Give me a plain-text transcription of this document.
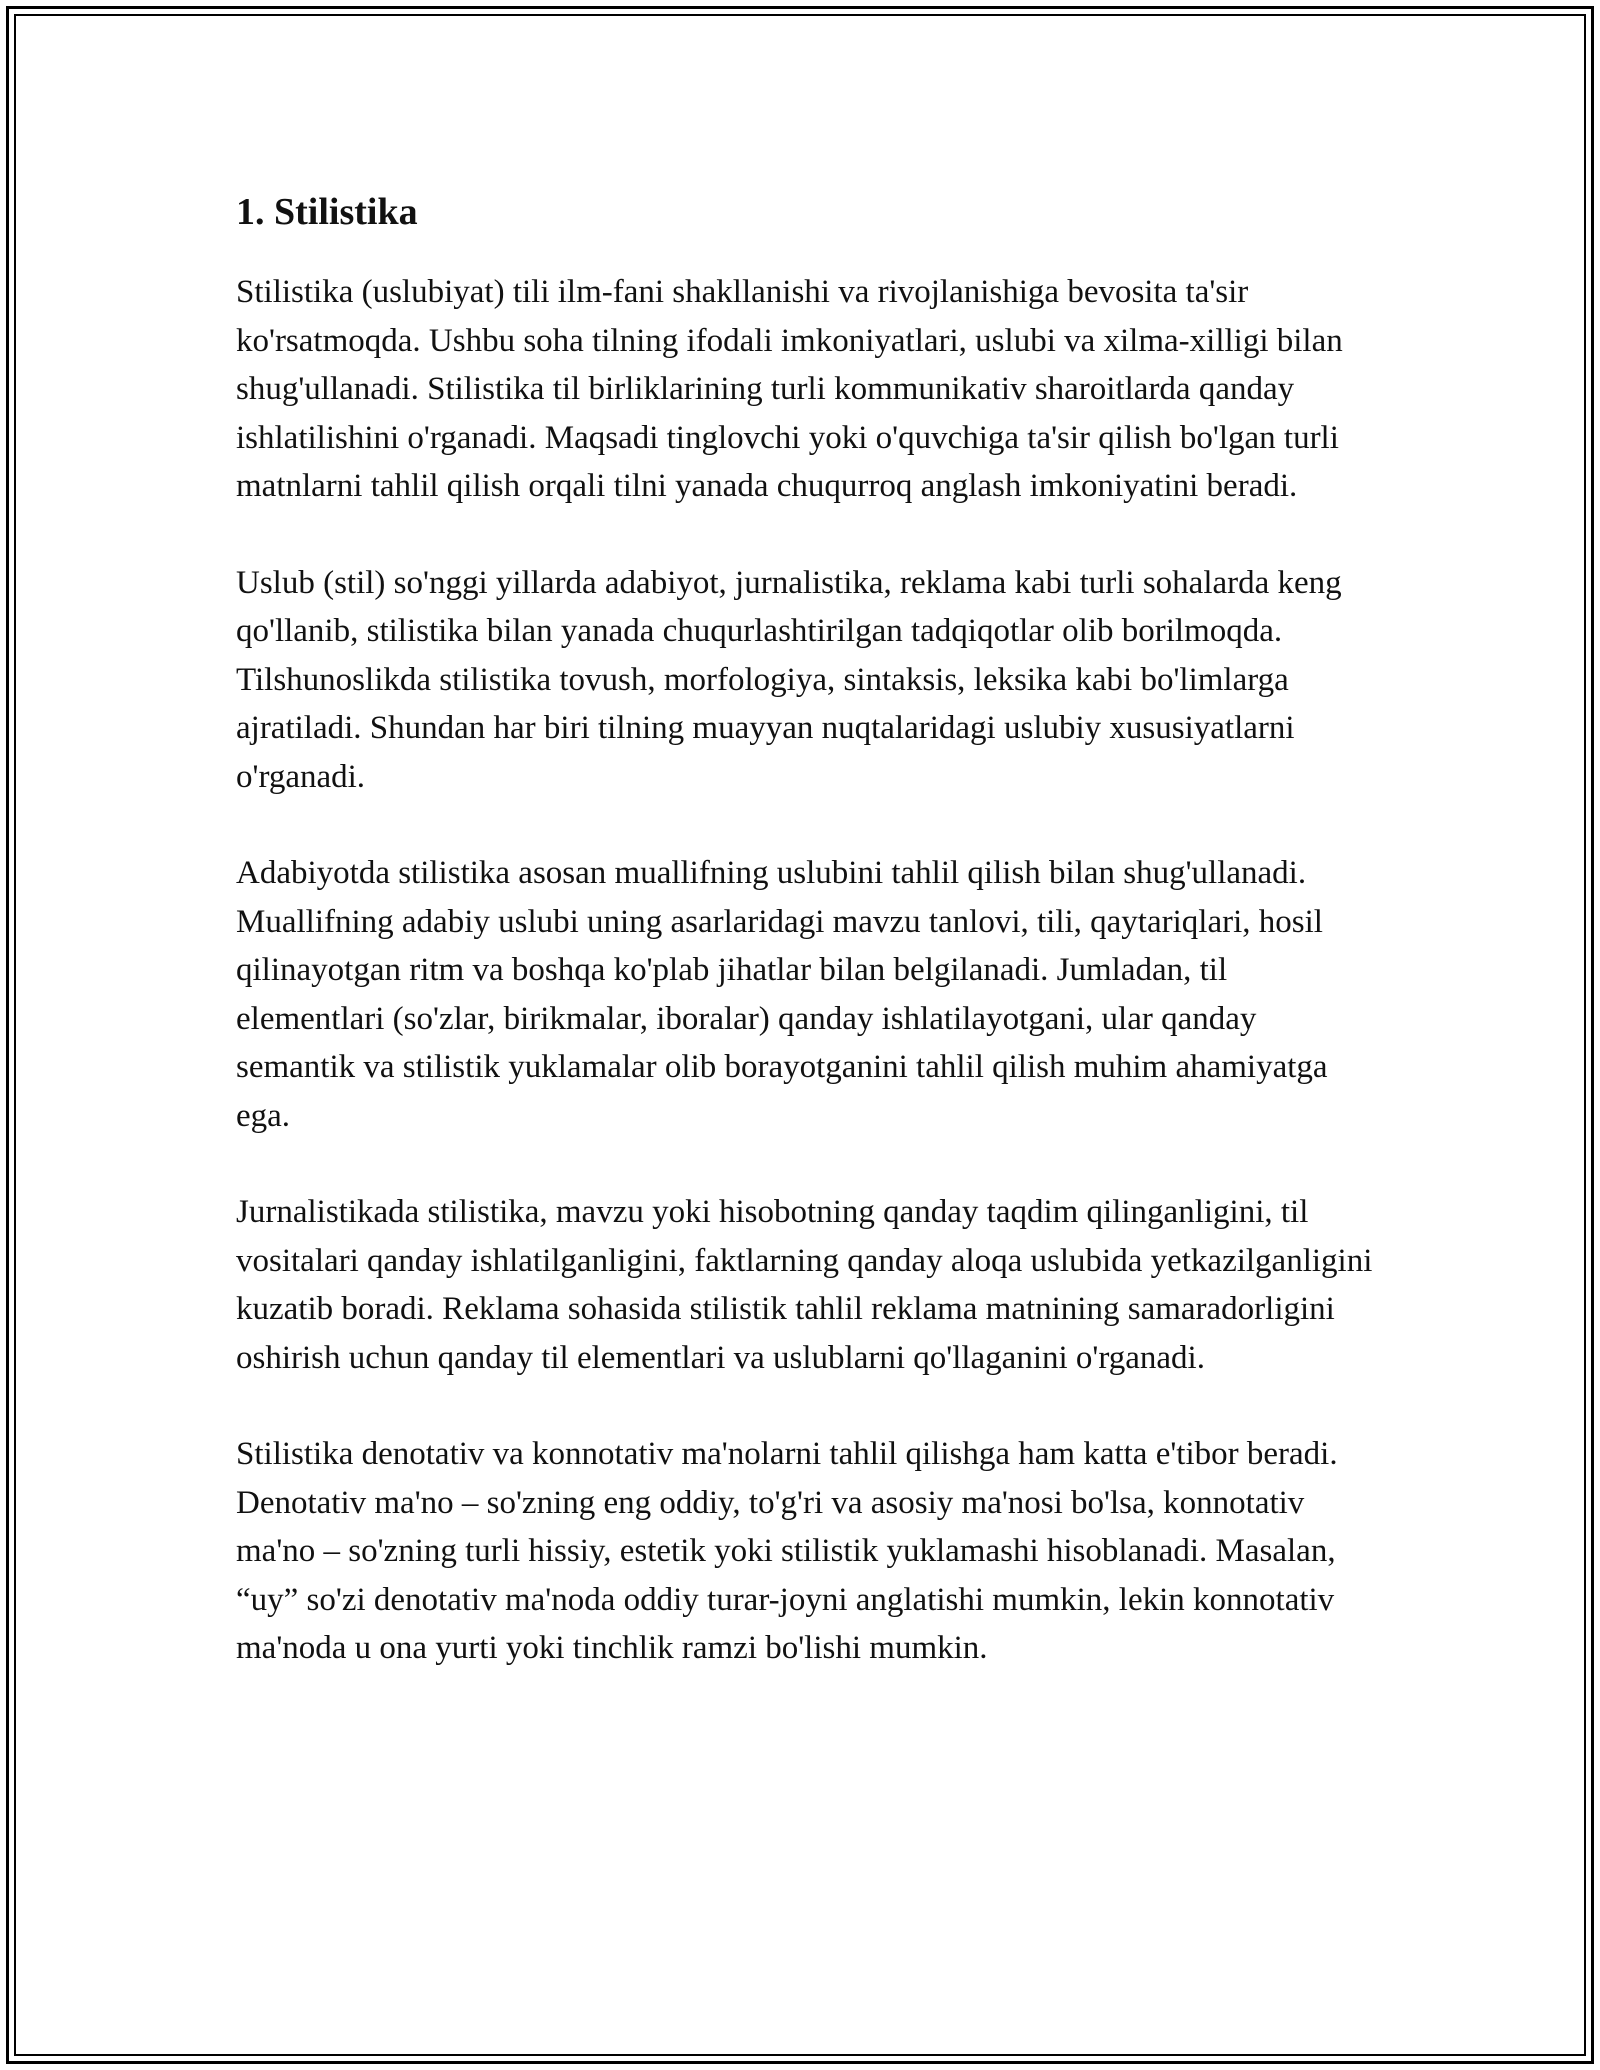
1. Stilistika

Stilistika (uslubiyat) tili ilm-fani shakllanishi va rivojlanishiga bevosita ta'sir ko'rsatmoqda. Ushbu soha tilning ifodali imkoniyatlari, uslubi va xilma-xilligi bilan shug'ullanadi. Stilistika til birliklarining turli kommunikativ sharoitlarda qanday ishlatilishini o'rganadi. Maqsadi tinglovchi yoki o'quvchiga ta'sir qilish bo'lgan turli matnlarni tahlil qilish orqali tilni yanada chuqurroq anglash imkoniyatini beradi.

Uslub (stil) so'nggi yillarda adabiyot, jurnalistika, reklama kabi turli sohalarda keng qo'llanib, stilistika bilan yanada chuqurlashtirilgan tadqiqotlar olib borilmoqda. Tilshunoslikda stilistika tovush, morfologiya, sintaksis, leksika kabi bo'limlarga ajratiladi. Shundan har biri tilning muayyan nuqtalaridagi uslubiy xususiyatlarni o'rganadi.

Adabiyotda stilistika asosan muallifning uslubini tahlil qilish bilan shug'ullanadi. Muallifning adabiy uslubi uning asarlaridagi mavzu tanlovi, tili, qaytariqlari, hosil qilinayotgan ritm va boshqa ko'plab jihatlar bilan belgilanadi. Jumladan, til elementlari (so'zlar, birikmalar, iboralar) qanday ishlatilayotgani, ular qanday semantik va stilistik yuklamalar olib borayotganini tahlil qilish muhim ahamiyatga ega.

Jurnalistikada stilistika, mavzu yoki hisobotning qanday taqdim qilinganligini, til vositalari qanday ishlatilganligini, faktlarning qanday aloqa uslubida yetkazilganligini kuzatib boradi. Reklama sohasida stilistik tahlil reklama matnining samaradorligini oshirish uchun qanday til elementlari va uslublarni qo'llaganini o'rganadi.

Stilistika denotativ va konnotativ ma'nolarni tahlil qilishga ham katta e'tibor beradi. Denotativ ma'no – so'zning eng oddiy, to'g'ri va asosiy ma'nosi bo'lsa, konnotativ ma'no – so'zning turli hissiy, estetik yoki stilistik yuklamashi hisoblanadi. Masalan, “uy” so'zi denotativ ma'noda oddiy turar-joyni anglatishi mumkin, lekin konnotativ ma'noda u ona yurti yoki tinchlik ramzi bo'lishi mumkin.
